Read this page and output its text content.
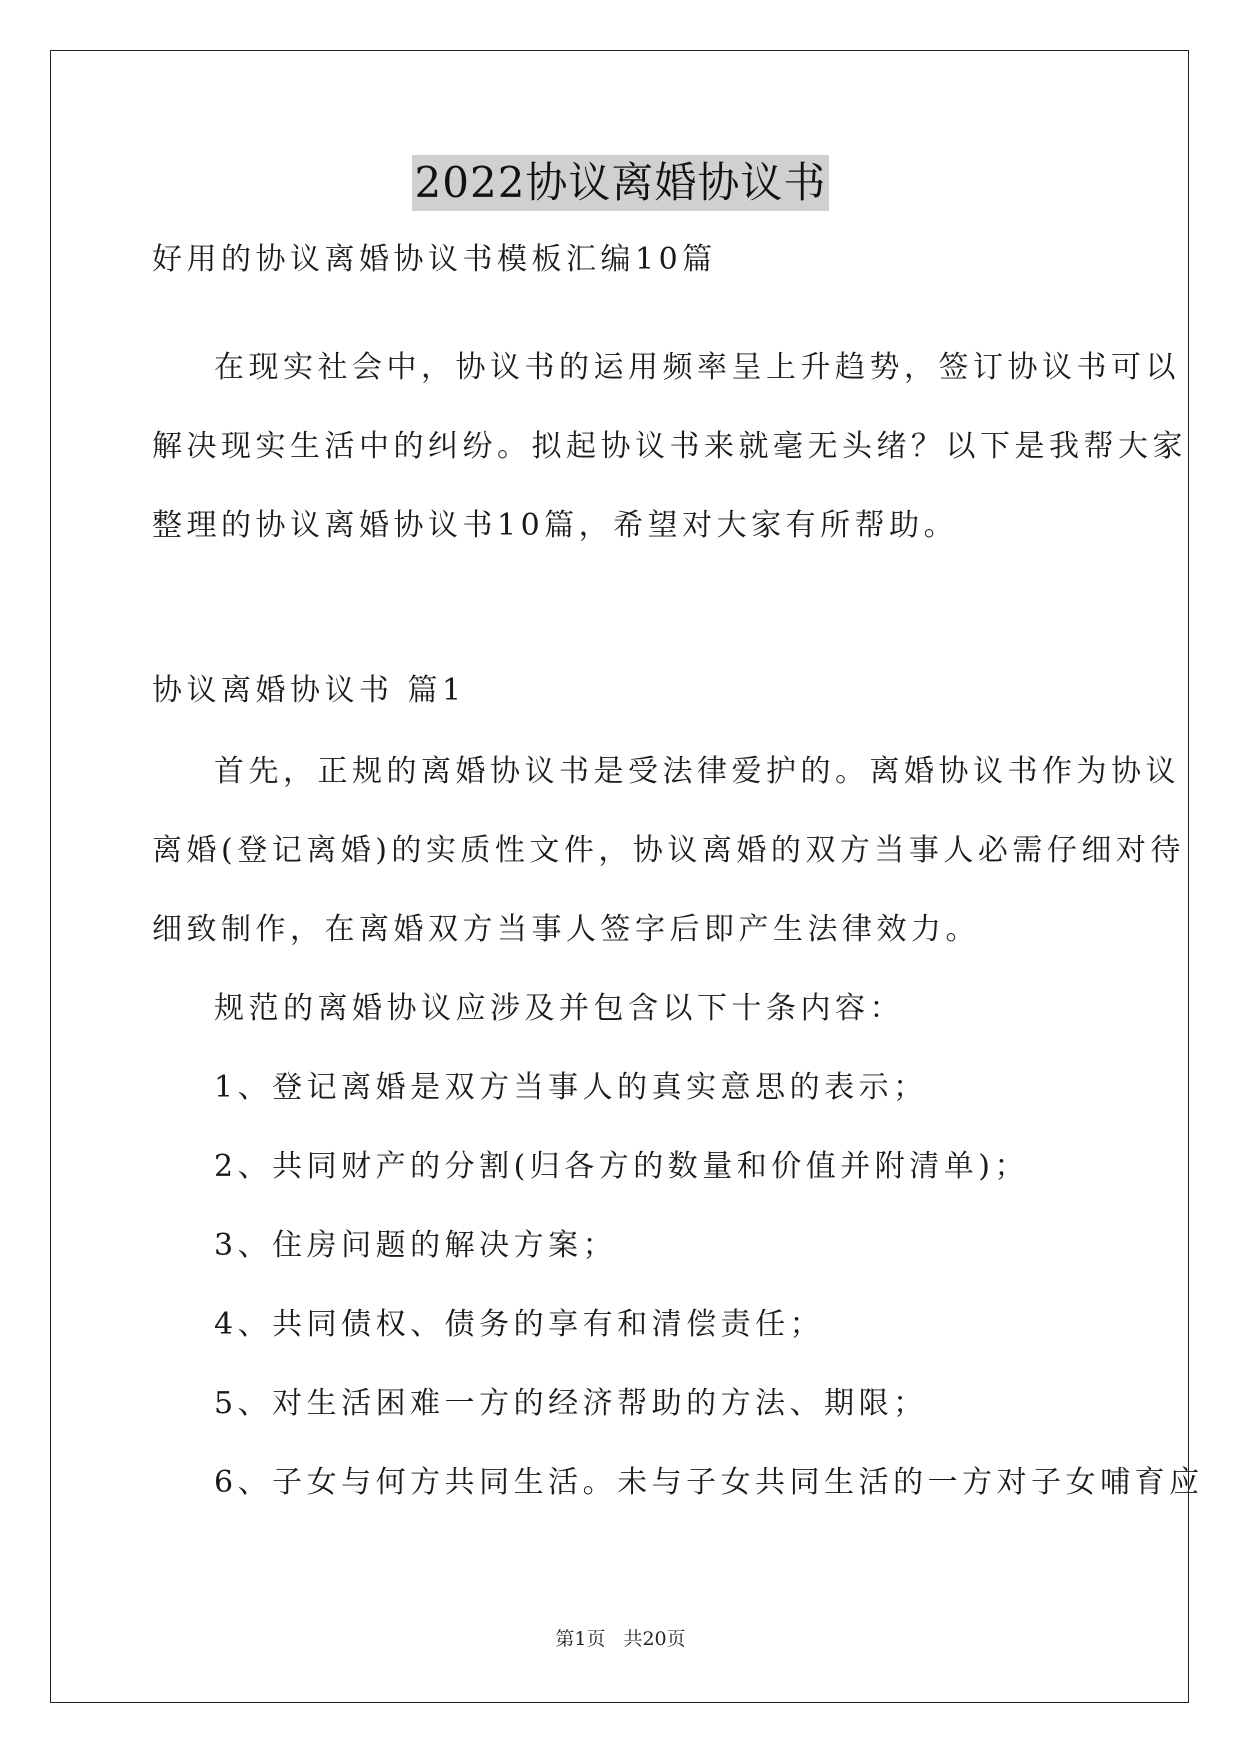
2022协议离婚协议书
好用的协议离婚协议书模板汇编10篇
在现实社会中，协议书的运用频率呈上升趋势，签订协议书可以
解决现实生活中的纠纷。拟起协议书来就毫无头绪？以下是我帮大家
整理的协议离婚协议书10篇，希望对大家有所帮助。
协议离婚协议书 篇1
首先，正规的离婚协议书是受法律爱护的。离婚协议书作为协议
离婚(登记离婚)的实质性文件，协议离婚的双方当事人必需仔细对待
细致制作，在离婚双方当事人签字后即产生法律效力。
规范的离婚协议应涉及并包含以下十条内容：
1、登记离婚是双方当事人的真实意思的表示；
2、共同财产的分割(归各方的数量和价值并附清单)；
3、住房问题的解决方案；
4、共同债权、债务的享有和清偿责任；
5、对生活困难一方的经济帮助的方法、期限；
6、子女与何方共同生活。未与子女共同生活的一方对子女哺育应
第1页 共20页
